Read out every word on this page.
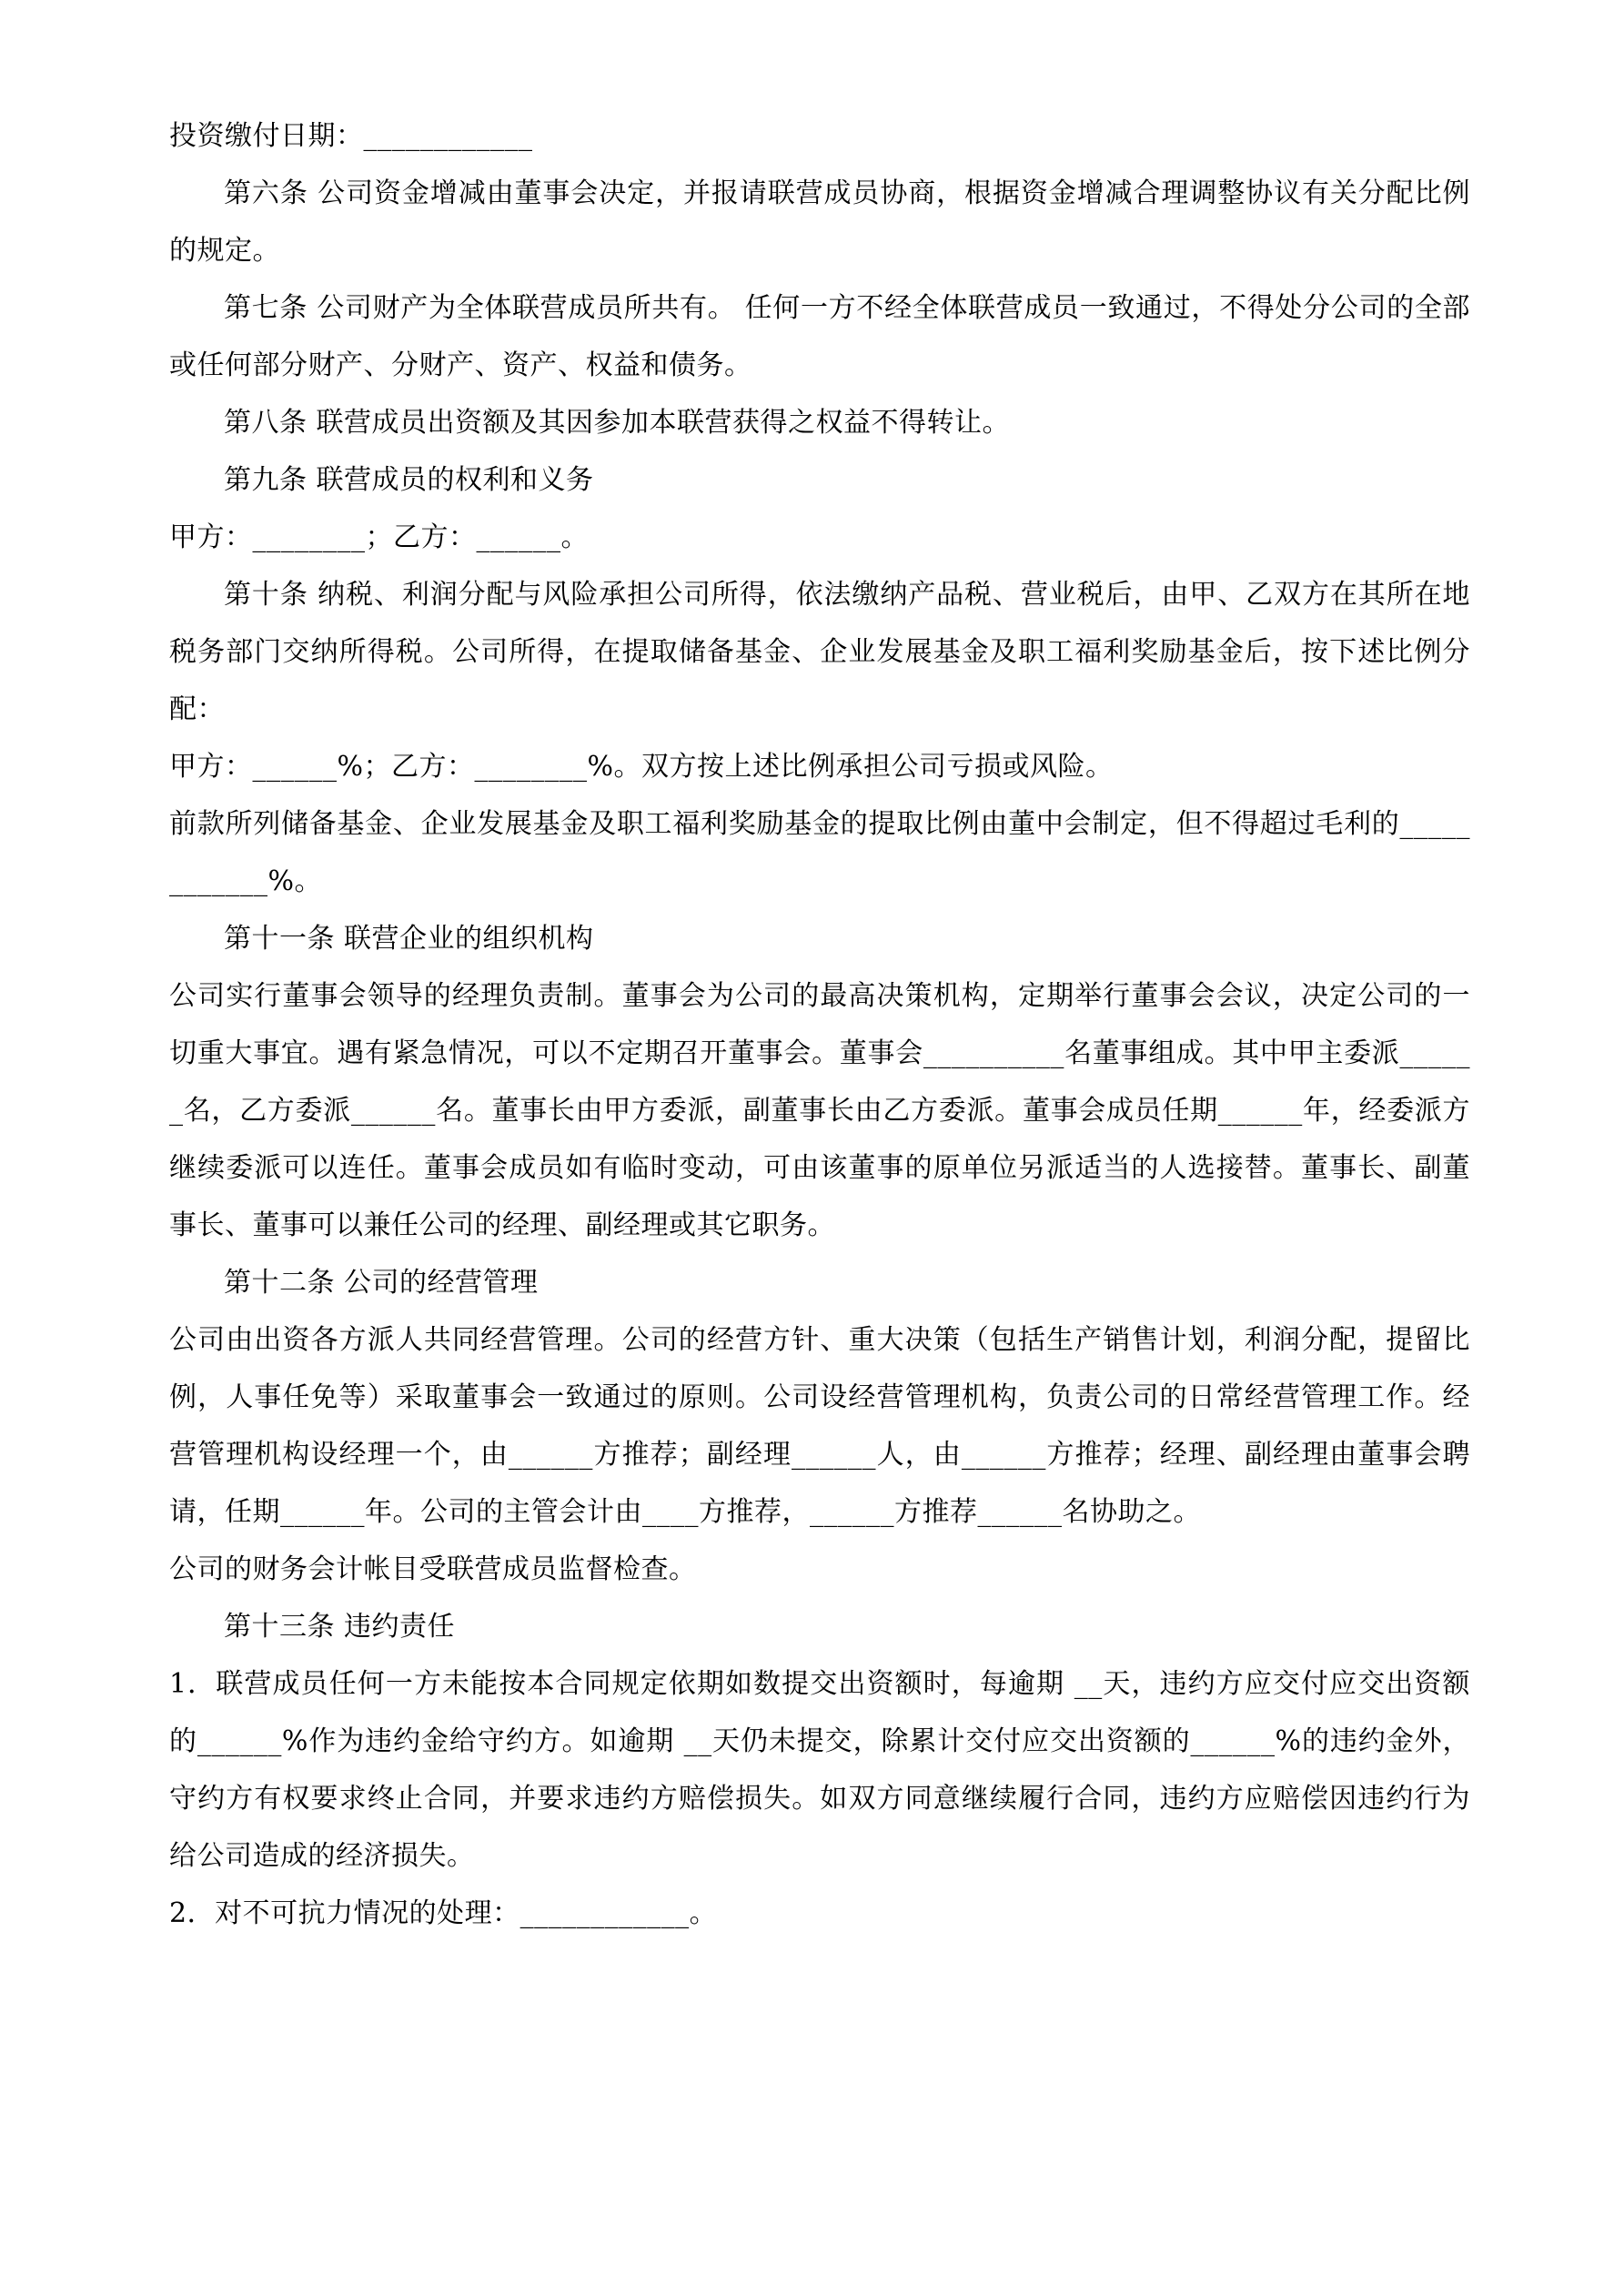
投资缴付日期：____________

第六条 公司资金增减由董事会决定，并报请联营成员协商，根据资金增减合理调整协议有关分配比例的规定。

第七条 公司财产为全体联营成员所共有。 任何一方不经全体联营成员一致通过，不得处分公司的全部或任何部分财产、分财产、资产、权益和债务。

第八条 联营成员出资额及其因参加本联营获得之权益不得转让。

第九条 联营成员的权利和义务

甲方：________；乙方：______。

第十条 纳税、利润分配与风险承担公司所得，依法缴纳产品税、营业税后，由甲、乙双方在其所在地税务部门交纳所得税。公司所得，在提取储备基金、企业发展基金及职工福利奖励基金后，按下述比例分配：

甲方：______%；乙方：________%。双方按上述比例承担公司亏损或风险。

前款所列储备基金、企业发展基金及职工福利奖励基金的提取比例由董中会制定，但不得超过毛利的____________%。

第十一条 联营企业的组织机构

公司实行董事会领导的经理负责制。董事会为公司的最高决策机构，定期举行董事会会议，决定公司的一切重大事宜。遇有紧急情况，可以不定期召开董事会。董事会__________名董事组成。其中甲主委派______名，乙方委派______名。董事长由甲方委派，副董事长由乙方委派。董事会成员任期______年，经委派方继续委派可以连任。董事会成员如有临时变动，可由该董事的原单位另派适当的人选接替。董事长、副董事长、董事可以兼任公司的经理、副经理或其它职务。

第十二条 公司的经营管理

公司由出资各方派人共同经营管理。公司的经营方针、重大决策（包括生产销售计划，利润分配，提留比例，人事任免等）采取董事会一致通过的原则。公司设经营管理机构，负责公司的日常经营管理工作。经营管理机构设经理一个，由______方推荐；副经理______人，由______方推荐；经理、副经理由董事会聘请，任期______年。公司的主管会计由____方推荐，______方推荐______名协助之。

公司的财务会计帐目受联营成员监督检查。

第十三条 违约责任

1．联营成员任何一方未能按本合同规定依期如数提交出资额时，每逾期 __天，违约方应交付应交出资额的______%作为违约金给守约方。如逾期 __天仍未提交，除累计交付应交出资额的______%的违约金外，守约方有权要求终止合同，并要求违约方赔偿损失。如双方同意继续履行合同，违约方应赔偿因违约行为给公司造成的经济损失。

2．对不可抗力情况的处理：____________。
